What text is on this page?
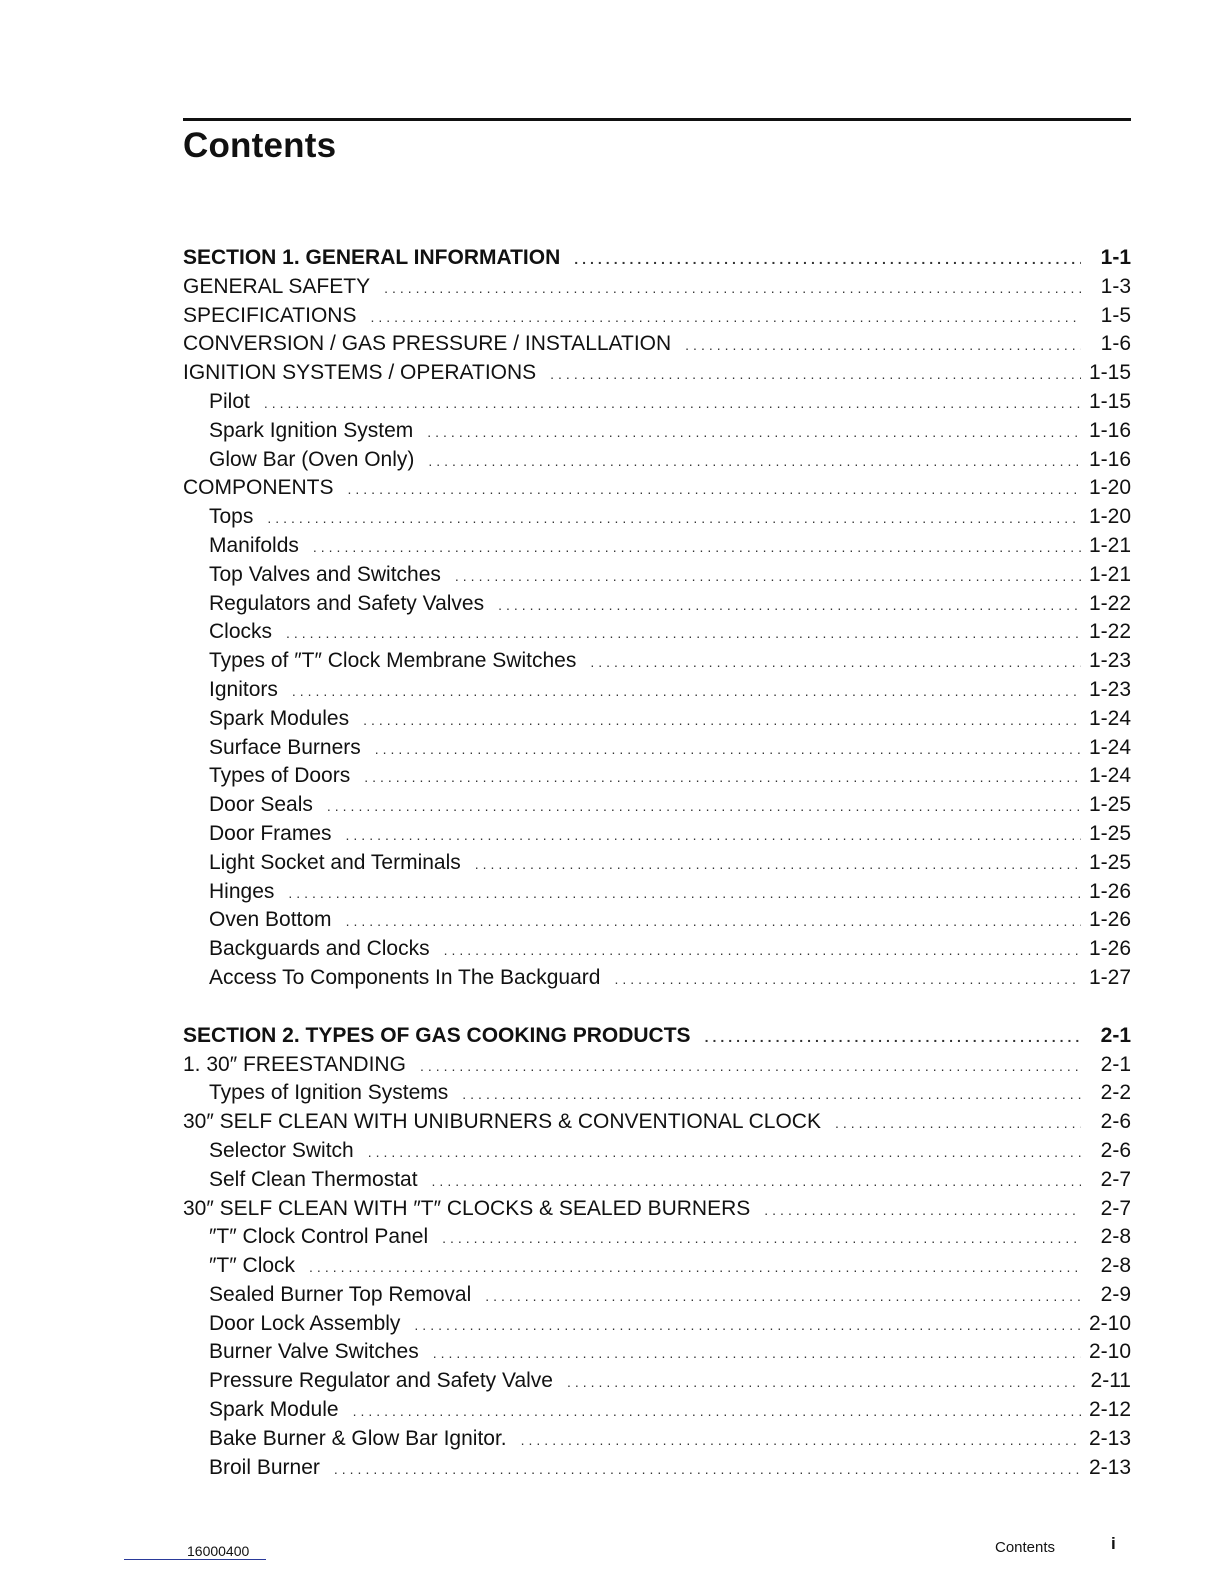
Contents
SECTION 1. GENERAL INFORMATION .....	1-1
GENERAL SAFETY .....	1-3
SPECIFICATIONS .....	1-5
CONVERSION / GAS PRESSURE / INSTALLATION .....	1-6
IGNITION SYSTEMS / OPERATIONS .....	1-15
Pilot .....	1-15
Spark Ignition System .....	1-16
Glow Bar (Oven Only) .....	1-16
COMPONENTS .....	1-20
Tops .....	1-20
Manifolds .....	1-21
Top Valves and Switches .....	1-21
Regulators and Safety Valves .....	1-22
Clocks .....	1-22
Types of ″T″ Clock Membrane Switches .....	1-23
Ignitors .....	1-23
Spark Modules .....	1-24
Surface Burners .....	1-24
Types of Doors .....	1-24
Door Seals .....	1-25
Door Frames .....	1-25
Light Socket and Terminals .....	1-25
Hinges .....	1-26
Oven Bottom .....	1-26
Backguards and Clocks .....	1-26
Access To Components In The Backguard .....	1-27
SECTION 2. TYPES OF GAS COOKING PRODUCTS .....	2-1
1. 30″ FREESTANDING .....	2-1
Types of Ignition Systems .....	2-2
30″ SELF CLEAN WITH UNIBURNERS & CONVENTIONAL CLOCK .....	2-6
Selector Switch .....	2-6
Self Clean Thermostat .....	2-7
30″ SELF CLEAN WITH ″T″ CLOCKS & SEALED BURNERS .....	2-7
″T″ Clock Control Panel .....	2-8
″T″ Clock .....	2-8
Sealed Burner Top Removal .....	2-9
Door Lock Assembly .....	2-10
Burner Valve Switches .....	2-10
Pressure Regulator and Safety Valve .....	2-11
Spark Module .....	2-12
Bake Burner & Glow Bar Ignitor. .....	2-13
Broil Burner .....	2-13
16000400	Contents	i
